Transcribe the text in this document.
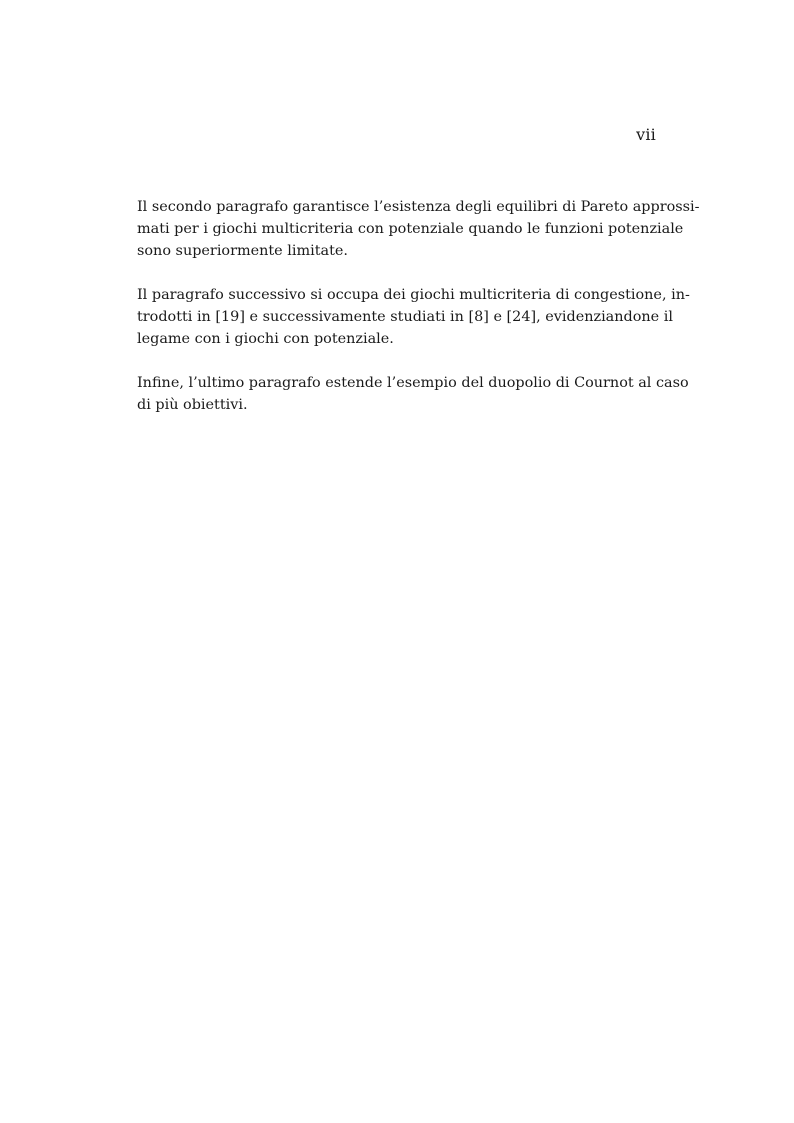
vii
Il secondo paragrafo garantisce l’esistenza degli equilibri di Pareto approssi-
mati per i giochi multicriteria con potenziale quando le funzioni potenziale
sono superiormente limitate.
Il paragrafo successivo si occupa dei giochi multicriteria di congestione, in-
trodotti in [19] e successivamente studiati in [8] e [24], evidenziandone il
legame con i giochi con potenziale.
Infine, l’ultimo paragrafo estende l’esempio del duopolio di Cournot al caso
di più obiettivi.
